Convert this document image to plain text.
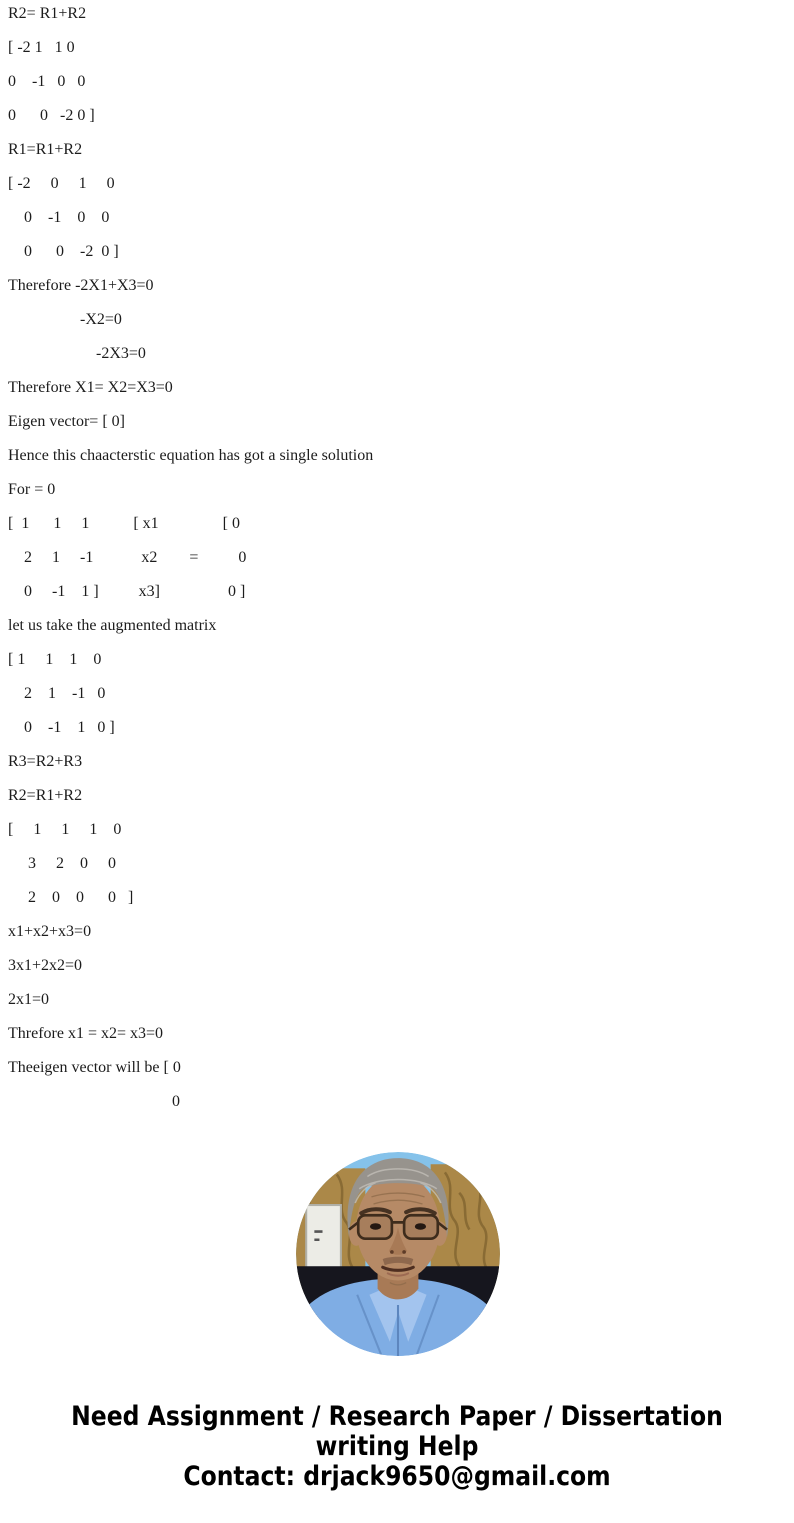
R2= R1+R2
[ -2 1   1 0
0    -1   0   0
0      0   -2 0 ]
R1=R1+R2
[ -2     0     1     0
0    -1    0    0
0      0    -2  0 ]
Therefore -2X1+X3=0
-X2=0
-2X3=0
Therefore X1= X2=X3=0
Eigen vector= [ 0]
Hence this chaacterstic equation has got a single solution
For = 0
[  1      1     1           [ x1                [ 0
2     1     -1            x2        =          0
0     -1    1 ]          x3]                 0 ]
let us take the augmented matrix
[ 1     1    1    0
2    1    -1   0
0    -1    1   0 ]
R3=R2+R3
R2=R1+R2
[     1     1     1    0
3     2    0     0
2    0    0      0   ]
x1+x2+x3=0
3x1+2x2=0
2x1=0
Threfore x1 = x2= x3=0
Theeigen vector will be [ 0
0
Need Assignment / Research Paper / Dissertation
writing Help
Contact: drjack9650@gmail.com
